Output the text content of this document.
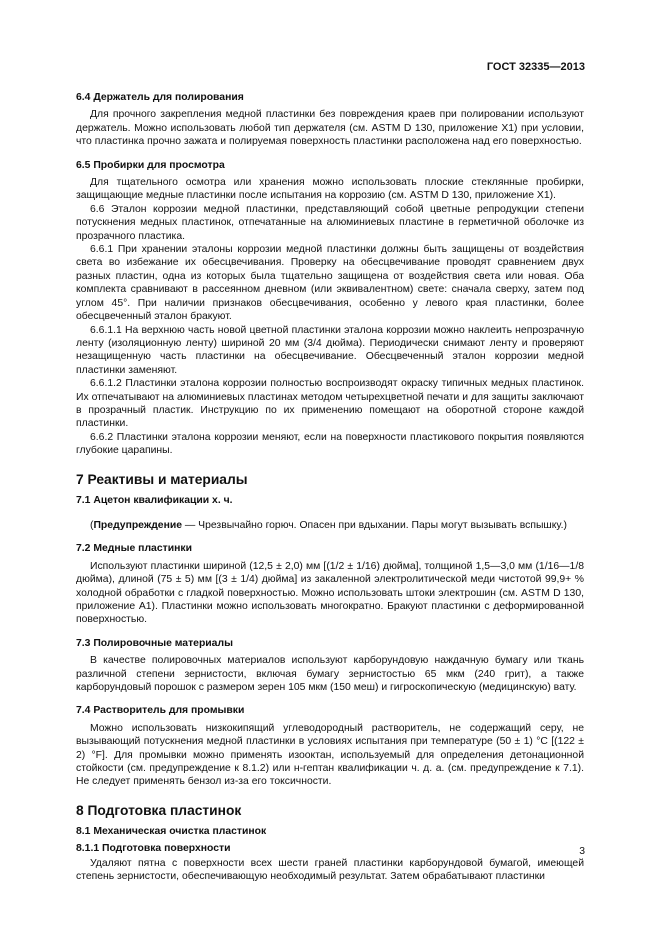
ГОСТ 32335—2013
6.4 Держатель для полирования

Для прочного закрепления медной пластинки без повреждения краев при полировании используют держатель. Можно использовать любой тип держателя (см. ASTM D 130, приложение X1) при условии, что пластинка прочно зажата и полируемая поверхность пластинки расположена над его поверхностью.

6.5 Пробирки для просмотра

Для тщательного осмотра или хранения можно использовать плоские стеклянные пробирки, защищающие медные пластинки после испытания на коррозию (см. ASTM D 130, приложение X1).

6.6 Эталон коррозии медной пластинки, представляющий собой цветные репродукции степени потускнения медных пластинок, отпечатанные на алюминиевых пластине в герметичной оболочке из прозрачного пластика.

6.6.1 При хранении эталоны коррозии медной пластинки должны быть защищены от воздействия света во избежание их обесцвечивания. Проверку на обесцвечивание проводят сравнением двух разных пластин, одна из которых была тщательно защищена от воздействия света или новая. Оба комплекта сравнивают в рассеянном дневном (или эквивалентном) свете: сначала сверху, затем под углом 45°. При наличии признаков обесцвечивания, особенно у левого края пластинки, более обесцвеченный эталон бракуют.

6.6.1.1 На верхнюю часть новой цветной пластинки эталона коррозии можно наклеить непрозрачную ленту (изоляционную ленту) шириной 20 мм (3/4 дюйма). Периодически снимают ленту и проверяют незащищенную часть пластинки на обесцвечивание. Обесцвеченный эталон коррозии медной пластинки заменяют.

6.6.1.2 Пластинки эталона коррозии полностью воспроизводят окраску типичных медных пластинок. Их отпечатывают на алюминиевых пластинах методом четырехцветной печати и для защиты заключают в прозрачный пластик. Инструкцию по их применению помещают на оборотной стороне каждой пластинки.

6.6.2 Пластинки эталона коррозии меняют, если на поверхности пластикового покрытия появляются глубокие царапины.

7 Реактивы и материалы
7.1 Ацетон квалификации х. ч.

(Предупреждение — Чрезвычайно горюч. Опасен при вдыхании. Пары могут вызывать вспышку.)

7.2 Медные пластинки

Используют пластинки шириной (12,5 ± 2,0) мм [(1/2 ± 1/16) дюйма], толщиной 1,5—3,0 мм (1/16—1/8 дюйма), длиной (75 ± 5) мм [(3 ± 1/4) дюйма] из закаленной электролитической меди чистотой 99,9+ % холодной обработки с гладкой поверхностью. Можно использовать штоки электрошин (см. ASTM D 130, приложение А1). Пластинки можно использовать многократно. Бракуют пластинки с деформированной поверхностью.

7.3 Полировочные материалы

В качестве полировочных материалов используют карборундовую наждачную бумагу или ткань различной степени зернистости, включая бумагу зернистостью 65 мкм (240 грит), а также карборундовый порошок с размером зерен 105 мкм (150 меш) и гигроскопическую (медицинскую) вату.

7.4 Растворитель для промывки

Можно использовать низкокипящий углеводородный растворитель, не содержащий серу, не вызывающий потускнения медной пластинки в условиях испытания при температуре (50 ± 1) °С [(122 ± 2) °F]. Для промывки можно применять изооктан, используемый для определения детонационной стойкости (см. предупреждение к 8.1.2) или н-гептан квалификации ч. д. а. (см. предупреждение к 7.1). Не следует применять бензол из-за его токсичности.

8 Подготовка пластинок
8.1 Механическая очистка пластинок
8.1.1 Подготовка поверхности

Удаляют пятна с поверхности всех шести граней пластинки карборундовой бумагой, имеющей степень зернистости, обеспечивающую необходимый результат. Затем обрабатывают пластинки

3
